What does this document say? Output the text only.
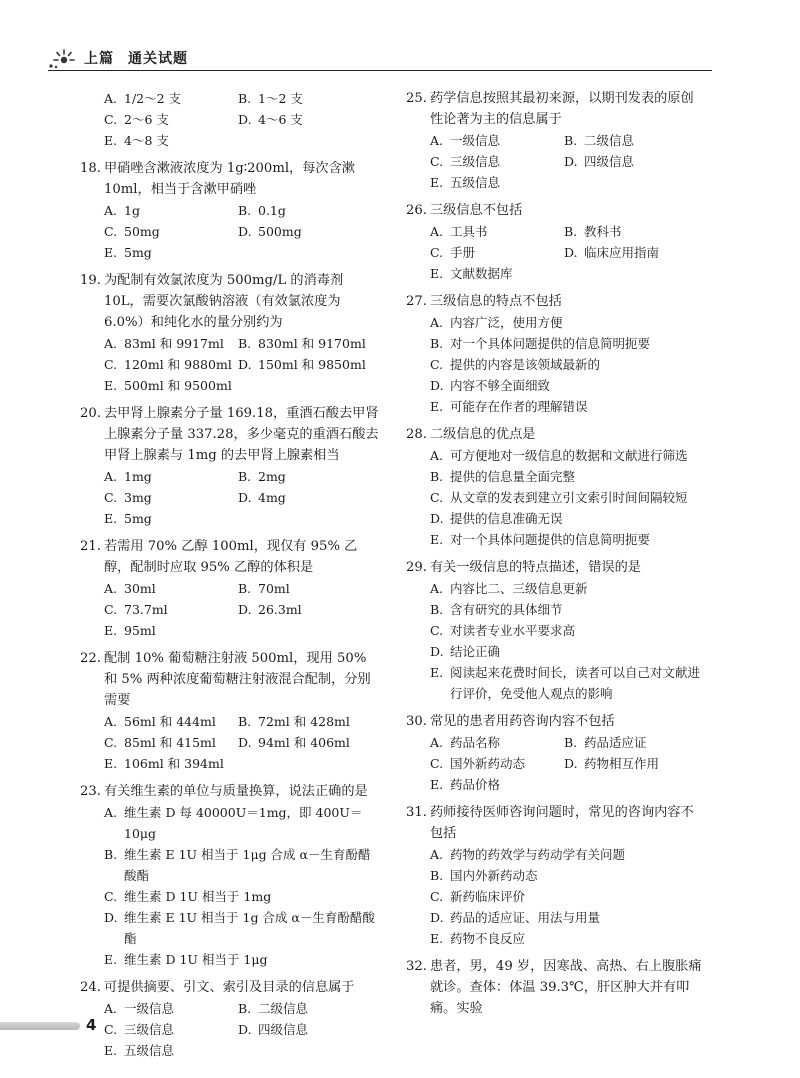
上篇 通关试题
A. 1/2～2 支	B. 1～2 支
C. 2～6 支	D. 4～6 支
E. 4～8 支
18. 甲硝唑含漱液浓度为 1g∶200ml，每次含漱 10ml，相当于含漱甲硝唑
A. 1g	B. 0.1g
C. 50mg	D. 500mg
E. 5mg
19. 为配制有效氯浓度为 500mg/L 的消毒剂 10L，需要次氯酸钠溶液（有效氯浓度为 6.0%）和纯化水的量分别约为
A. 83ml 和 9917ml	B. 830ml 和 9170ml
C. 120ml 和 9880ml D. 150ml 和 9850ml
E. 500ml 和 9500ml
20. 去甲肾上腺素分子量 169.18，重酒石酸去甲肾上腺素分子量 337.28，多少毫克的重酒石酸去甲肾上腺素与 1mg 的去甲肾上腺素相当
A. 1mg	B. 2mg
C. 3mg	D. 4mg
E. 5mg
21. 若需用 70% 乙醇 100ml，现仅有 95% 乙醇，配制时应取 95% 乙醇的体积是
A. 30ml	B. 70ml
C. 73.7ml	D. 26.3ml
E. 95ml
22. 配制 10% 葡萄糖注射液 500ml，现用 50% 和 5% 两种浓度葡萄糖注射液混合配制，分别需要
A. 56ml 和 444ml	B. 72ml 和 428ml
C. 85ml 和 415ml	D. 94ml 和 406ml
E. 106ml 和 394ml
23. 有关维生素的单位与质量换算，说法正确的是
A. 维生素 D 每 40000U＝1mg，即 400U＝10μg
B. 维生素 E 1U 相当于 1μg 合成 α－生育酚醋酸酯
C. 维生素 D 1U 相当于 1mg
D. 维生素 E 1U 相当于 1g 合成 α－生育酚醋酸酯
E. 维生素 D 1U 相当于 1μg
24. 可提供摘要、引文、索引及目录的信息属于
A. 一级信息	B. 二级信息
C. 三级信息	D. 四级信息
E. 五级信息
25. 药学信息按照其最初来源，以期刊发表的原创性论著为主的信息属于
A. 一级信息	B. 二级信息
C. 三级信息	D. 四级信息
E. 五级信息
26. 三级信息不包括
A. 工具书	B. 教科书
C. 手册	D. 临床应用指南
E. 文献数据库
27. 三级信息的特点不包括
A. 内容广泛，使用方便
B. 对一个具体问题提供的信息简明扼要
C. 提供的内容是该领域最新的
D. 内容不够全面细致
E. 可能存在作者的理解错误
28. 二级信息的优点是
A. 可方便地对一级信息的数据和文献进行筛选
B. 提供的信息量全面完整
C. 从文章的发表到建立引文索引时间间隔较短
D. 提供的信息准确无误
E. 对一个具体问题提供的信息简明扼要
29. 有关一级信息的特点描述，错误的是
A. 内容比二、三级信息更新
B. 含有研究的具体细节
C. 对读者专业水平要求高
D. 结论正确
E. 阅读起来花费时间长，读者可以自己对文献进行评价，免受他人观点的影响
30. 常见的患者用药咨询内容不包括
A. 药品名称	B. 药品适应证
C. 国外新药动态	D. 药物相互作用
E. 药品价格
31. 药师接待医师咨询问题时，常见的咨询内容不包括
A. 药物的药效学与药动学有关问题
B. 国内外新药动态
C. 新药临床评价
D. 药品的适应证、用法与用量
E. 药物不良反应
32. 患者，男，49 岁，因寒战、高热、右上腹胀痛就诊。查体：体温 39.3℃，肝区肿大并有叩痛。实验
4
